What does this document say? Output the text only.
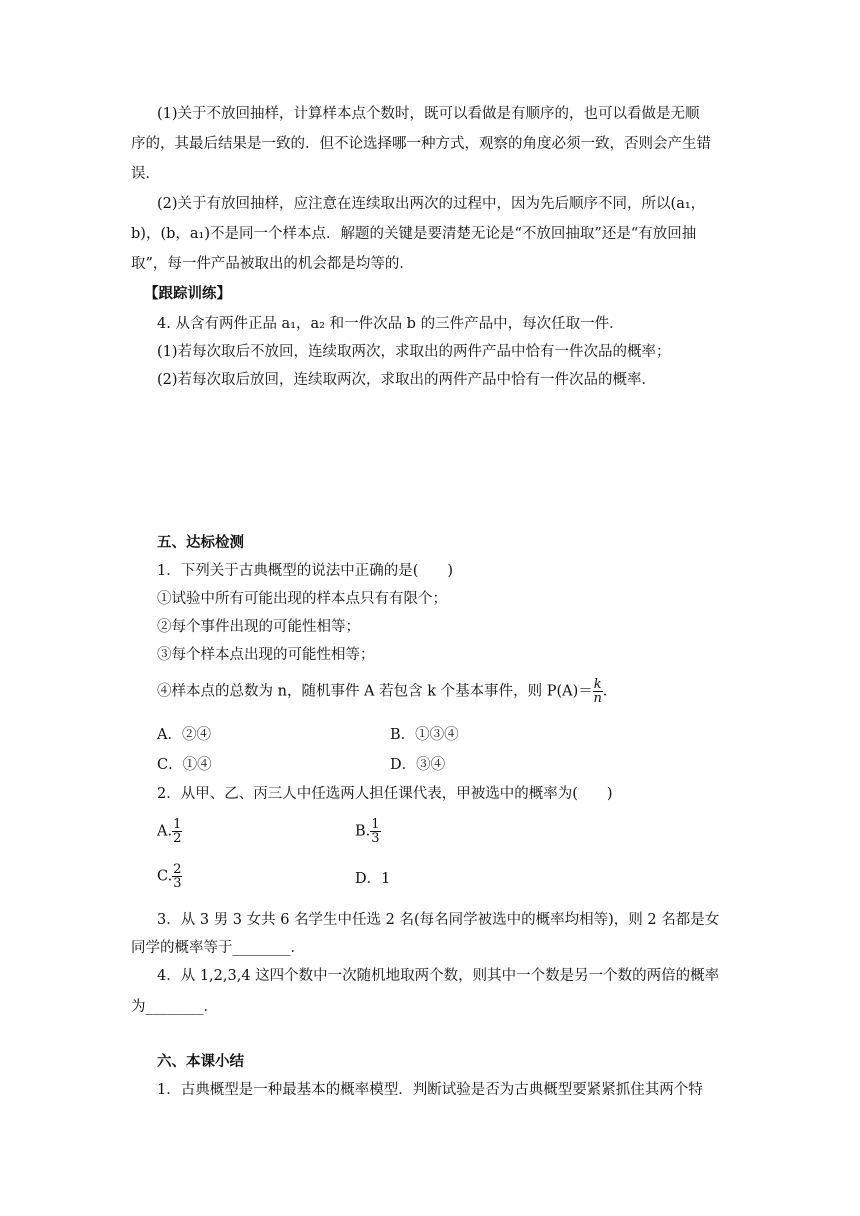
(1)关于不放回抽样，计算样本点个数时，既可以看做是有顺序的，也可以看做是无顺
序的，其最后结果是一致的．但不论选择哪一种方式，观察的角度必须一致，否则会产生错
误．
(2)关于有放回抽样，应注意在连续取出两次的过程中，因为先后顺序不同，所以(a₁，
b)，(b，a₁)不是同一个样本点．解题的关键是要清楚无论是“不放回抽取”还是“有放回抽
取”，每一件产品被取出的机会都是均等的．
【跟踪训练】
4. 从含有两件正品 a₁，a₂ 和一件次品 b 的三件产品中，每次任取一件．
(1)若每次取后不放回，连续取两次，求取出的两件产品中恰有一件次品的概率；
(2)若每次取后放回，连续取两次，求取出的两件产品中恰有一件次品的概率．
五、达标检测
1．下列关于古典概型的说法中正确的是(　　)
①试验中所有可能出现的样本点只有有限个；
②每个事件出现的可能性相等；
③每个样本点出现的可能性相等；
④样本点的总数为 n，随机事件 A 若包含 k 个基本事件，则 $P(A)= \frac{k}{n}$ .
A．②④	B．①③④
C．①④	D．③④
2．从甲、乙、丙三人中任选两人担任课代表，甲被选中的概率为(　　)
A. $\frac{1}{2}$	B. $\frac{1}{3}$
C. $\frac{2}{3}$	D．1
3．从 3 男 3 女共 6 名学生中任选 2 名(每名同学被选中的概率均相等)，则 2 名都是女
同学的概率等于________．
4．从 1,2,3,4 这四个数中一次随机地取两个数，则其中一个数是另一个数的两倍的概率
为________．
六、本课小结
1．古典概型是一种最基本的概率模型．判断试验是否为古典概型要紧紧抓住其两个特
